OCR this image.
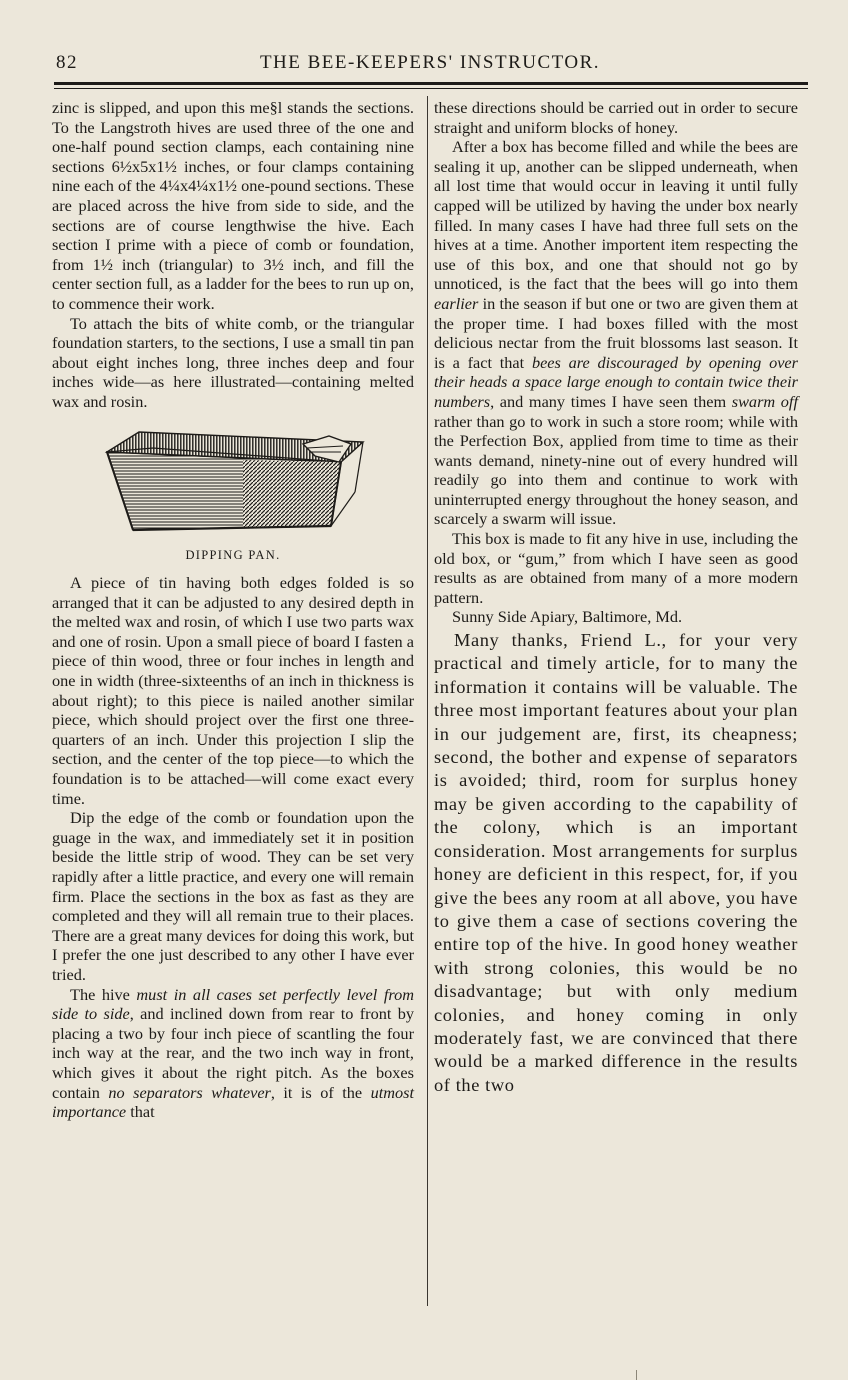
82	THE BEE-KEEPERS' INSTRUCTOR.

zinc is slipped, and upon this me§l stands the sections. To the Langstroth hives are used three of the one and one-half pound section clamps, each containing nine sections 6½x5x1½ inches, or four clamps containing nine each of the 4¼x4¼x1½ one-pound sections. These are placed across the hive from side to side, and the sections are of course lengthwise the hive. Each section I prime with a piece of comb or foundation, from 1½ inch (triangular) to 3½ inch, and fill the center section full, as a ladder for the bees to run up on, to commence their work.

To attach the bits of white comb, or the triangular foundation starters, to the sections, I use a small tin pan about eight inches long, three inches deep and four inches wide—as here illustrated—containing melted wax and rosin.

DIPPING PAN.

A piece of tin having both edges folded is so arranged that it can be adjusted to any desired depth in the melted wax and rosin, of which I use two parts wax and one of rosin. Upon a small piece of board I fasten a piece of thin wood, three or four inches in length and one in width (three-sixteenths of an inch in thickness is about right); to this piece is nailed another similar piece, which should project over the first one three-quarters of an inch. Under this projection I slip the section, and the center of the top piece—to which the foundation is to be attached—will come exact every time.

Dip the edge of the comb or foundation upon the guage in the wax, and immediately set it in position beside the little strip of wood. They can be set very rapidly after a little practice, and every one will remain firm. Place the sections in the box as fast as they are completed and they will all remain true to their places. There are a great many devices for doing this work, but I prefer the one just described to any other I have ever tried.

The hive must in all cases set perfectly level from side to side, and inclined down from rear to front by placing a two by four inch piece of scantling the four inch way at the rear, and the two inch way in front, which gives it about the right pitch. As the boxes contain no separators whatever, it is of the utmost importance that

these directions should be carried out in order to secure straight and uniform blocks of honey.

After a box has become filled and while the bees are sealing it up, another can be slipped underneath, when all lost time that would occur in leaving it until fully capped will be utilized by having the under box nearly filled. In many cases I have had three full sets on the hives at a time. Another importent item respecting the use of this box, and one that should not go by unnoticed, is the fact that the bees will go into them earlier in the season if but one or two are given them at the proper time. I had boxes filled with the most delicious nectar from the fruit blossoms last season. It is a fact that bees are discouraged by opening over their heads a space large enough to contain twice their numbers, and many times I have seen them swarm off rather than go to work in such a store room; while with the Perfection Box, applied from time to time as their wants demand, ninety-nine out of every hundred will readily go into them and continue to work with uninterrupted energy throughout the honey season, and scarcely a swarm will issue.

This box is made to fit any hive in use, including the old box, or “gum,” from which I have seen as good results as are obtained from many of a more modern pattern.

Sunny Side Apiary, Baltimore, Md.

Many thanks, Friend L., for your very practical and timely article, for to many the information it contains will be valuable. The three most important features about your plan in our judgement are, first, its cheapness; second, the bother and expense of separators is avoided; third, room for surplus honey may be given according to the capability of the colony, which is an important consideration. Most arrangements for surplus honey are deficient in this respect, for, if you give the bees any room at all above, you have to give them a case of sections covering the entire top of the hive. In good honey weather with strong colonies, this would be no disadvantage; but with only medium colonies, and honey coming in only moderately fast, we are convinced that there would be a marked difference in the results of the two
